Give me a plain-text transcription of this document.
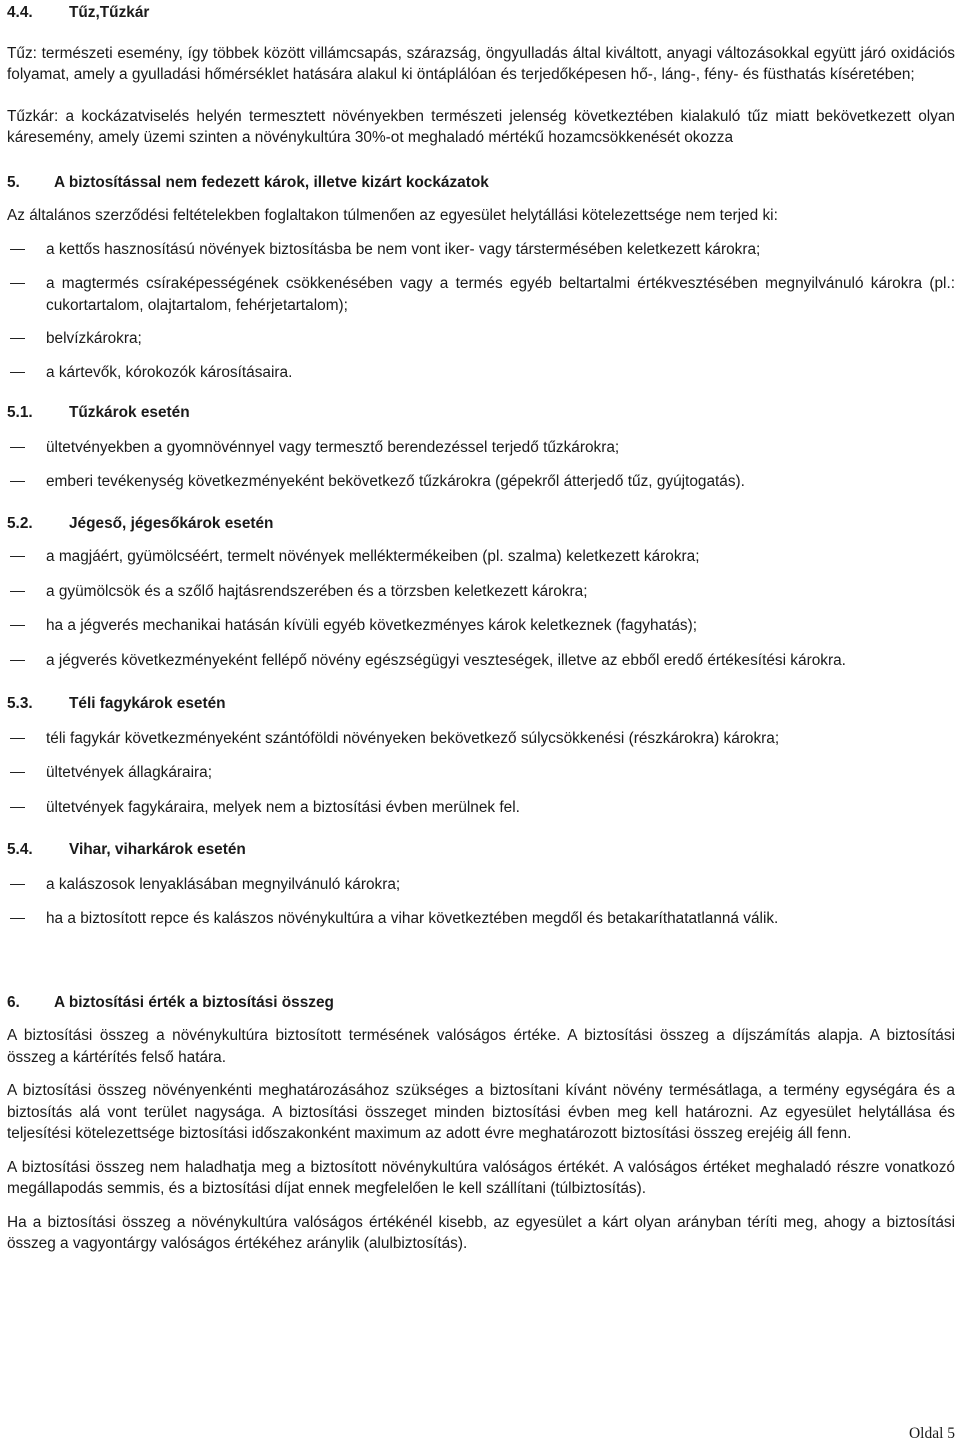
4.4.	Tűz,Tűzkár

Tűz: természeti esemény, így többek között villámcsapás, szárazság, öngyulladás által kiváltott, anyagi változásokkal együtt járó oxidációs folyamat, amely a gyulladási hőmérséklet hatására alakul ki öntáplálóan és terjedőképesen hő-, láng-, fény- és füsthatás kíséretében;

Tűzkár: a kockázatviselés helyén termesztett növényekben természeti jelenség következtében kialakuló tűz miatt bekövetkezett olyan káresemény, amely üzemi szinten a növénykultúra 30%-ot meghaladó mértékű hozamcsökkenését okozza

5.	A biztosítással nem fedezett károk, illetve kizárt kockázatok

Az általános szerződési feltételekben foglaltakon túlmenően az egyesület helytállási kötelezettsége nem terjed ki:

a kettős hasznosítású növények biztosításba be nem vont iker- vagy társtermésében keletkezett károkra;
a magtermés csíraképességének csökkenésében vagy a termés egyéb beltartalmi értékvesztésében megnyilvánuló károkra (pl.: cukortartalom, olajtartalom, fehérjetartalom);
belvízkárokra;
a kártevők, kórokozók károsításaira.
5.1.	Tűzkárok esetén
ültetvényekben a gyomnövénnyel vagy termesztő berendezéssel terjedő tűzkárokra;
emberi tevékenység következményeként bekövetkező tűzkárokra (gépekről átterjedő tűz, gyújtogatás).
5.2.	Jégeső, jégesőkárok esetén
a magjáért, gyümölcséért, termelt növények melléktermékeiben (pl. szalma) keletkezett károkra;
a gyümölcsök és a szőlő hajtásrendszerében és a törzsben keletkezett károkra;
ha a jégverés mechanikai hatásán kívüli egyéb következményes károk keletkeznek (fagyhatás);
a jégverés következményeként fellépő növény egészségügyi veszteségek, illetve az ebből eredő értékesítési károkra.
5.3.	Téli fagykárok esetén
téli fagykár következményeként szántóföldi növényeken bekövetkező súlycsökkenési (részkárokra) károkra;
ültetvények állagkáraira;
ültetvények fagykáraira, melyek nem a biztosítási évben merülnek fel.
5.4.	Vihar, viharkárok esetén
a kalászosok lenyaklásában megnyilvánuló károkra;
ha a biztosított repce és kalászos növénykultúra a vihar következtében megdől és betakaríthatatlanná válik.
6.	A biztosítási érték a biztosítási összeg

A biztosítási összeg a növénykultúra biztosított termésének valóságos értéke. A biztosítási összeg a díjszámítás alapja. A biztosítási összeg a kártérítés felső határa.

A biztosítási összeg növényenkénti meghatározásához szükséges a biztosítani kívánt növény termésátlaga, a termény egységára és a biztosítás alá vont terület nagysága. A biztosítási összeget minden biztosítási évben meg kell határozni. Az egyesület helytállása és teljesítési kötelezettsége biztosítási időszakonként maximum az adott évre meghatározott biztosítási összeg erejéig áll fenn.

A biztosítási összeg nem haladhatja meg a biztosított növénykultúra valóságos értékét. A valóságos értéket meghaladó részre vonatkozó megállapodás semmis, és a biztosítási díjat ennek megfelelően le kell szállítani (túlbiztosítás).

Ha a biztosítási összeg a növénykultúra valóságos értékénél kisebb, az egyesület a kárt olyan arányban téríti meg, ahogy a biztosítási összeg a vagyontárgy valóságos értékéhez aránylik (alulbiztosítás).

Oldal 5
